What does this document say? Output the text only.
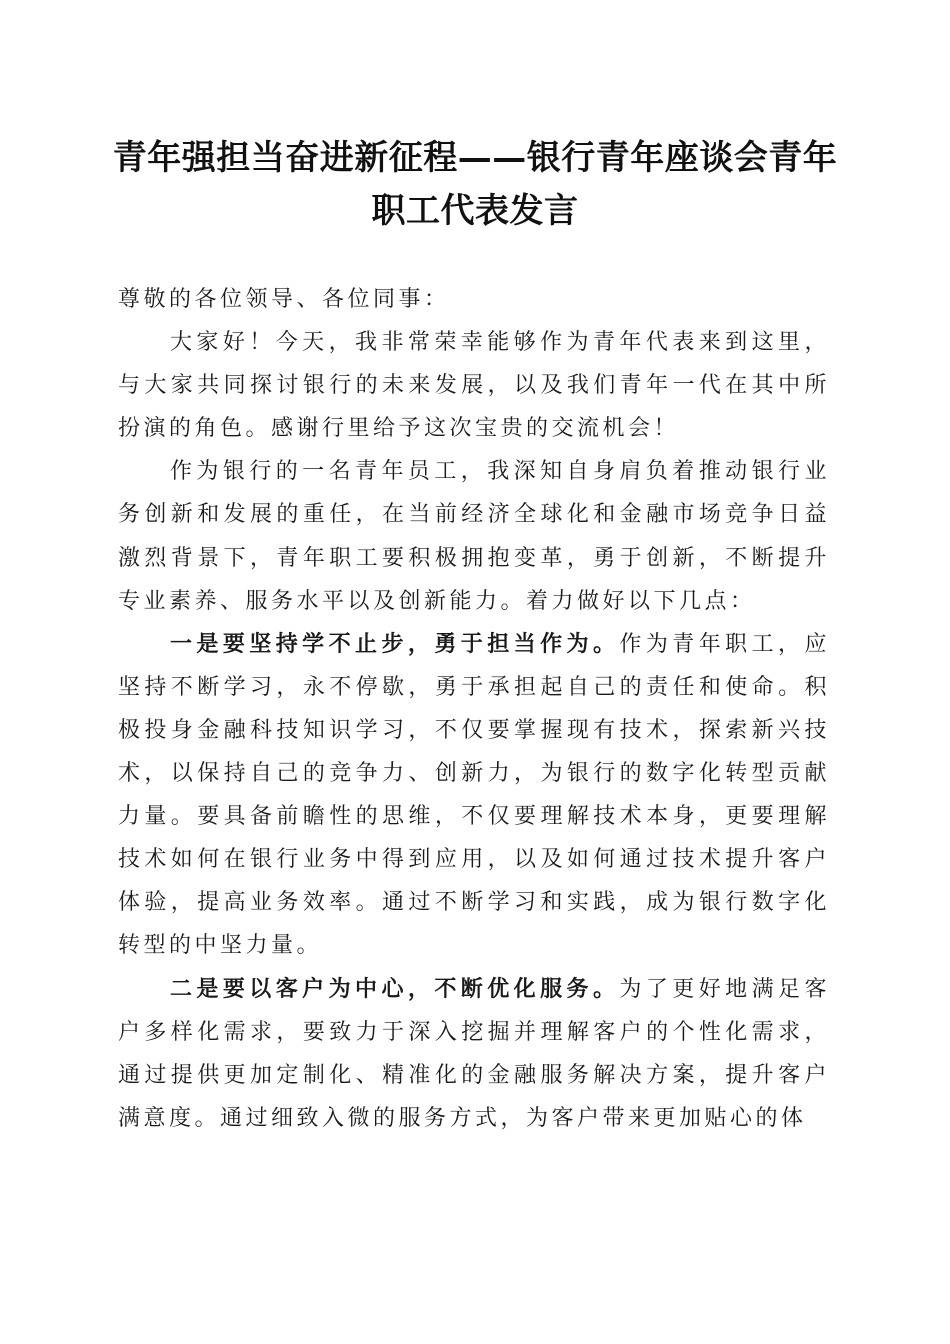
青年强担当奋进新征程——银行青年座谈会青年职工代表发言

尊敬的各位领导、各位同事：

大家好！今天，我非常荣幸能够作为青年代表来到这里，与大家共同探讨银行的未来发展，以及我们青年一代在其中所扮演的角色。感谢行里给予这次宝贵的交流机会！

作为银行的一名青年员工，我深知自身肩负着推动银行业务创新和发展的重任，在当前经济全球化和金融市场竞争日益激烈背景下，青年职工要积极拥抱变革，勇于创新，不断提升专业素养、服务水平以及创新能力。着力做好以下几点：

一是要坚持学不止步，勇于担当作为。作为青年职工，应坚持不断学习，永不停歇，勇于承担起自己的责任和使命。积极投身金融科技知识学习，不仅要掌握现有技术，探索新兴技术，以保持自己的竞争力、创新力，为银行的数字化转型贡献力量。要具备前瞻性的思维，不仅要理解技术本身，更要理解技术如何在银行业务中得到应用，以及如何通过技术提升客户体验，提高业务效率。通过不断学习和实践，成为银行数字化转型的中坚力量。

二是要以客户为中心，不断优化服务。为了更好地满足客户多样化需求，要致力于深入挖掘并理解客户的个性化需求，通过提供更加定制化、精准化的金融服务解决方案，提升客户满意度。通过细致入微的服务方式，为客户带来更加贴心的体
